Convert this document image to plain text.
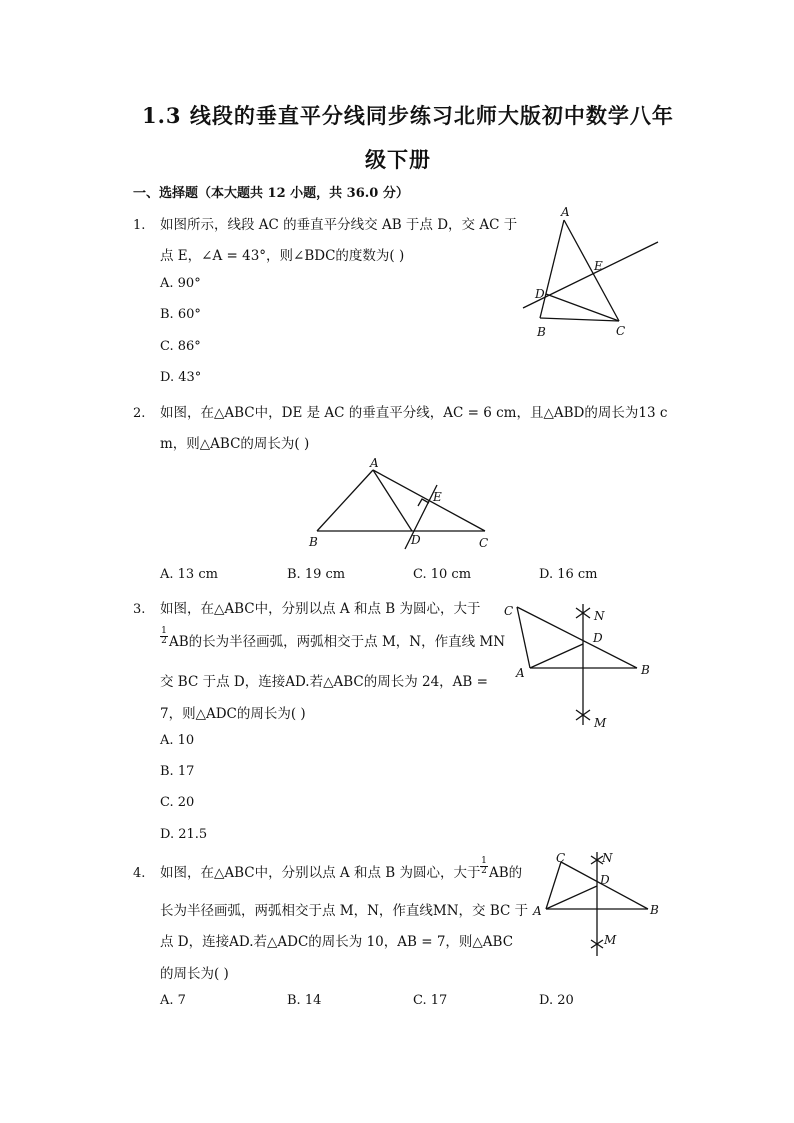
1.3 线段的垂直平分线同步练习北师大版初中数学八年
级下册
一、选择题（本大题共 12 小题，共 36.0 分）
1. 如图所示，线段 AC 的垂直平分线交 AB 于点 D，交 AC 于
点 E，∠A = 43°，则∠BDC的度数为( )
A. 90°
B. 60°
C. 86°
D. 43°
A
B	C
D
E
2. 如图，在△ABC中，DE 是 AC 的垂直平分线，AC = 6 cm，且△ABD的周长为13 c
m，则△ABC的周长为( )
A
B	C
D
E
A. 13 cm	B. 19 cm	C. 10 cm	D. 16 cm
3. 如图，在△ABC中，分别以点 A 和点 B 为圆心，大于
$\frac{1}{2}$ AB的长为半径画弧，两弧相交于点 M，N，作直线 MN
交 BC 于点 D，连接AD.若△ABC的周长为 24，AB =
7，则△ADC的周长为( )
A. 10
B. 17
C. 20
D. 21.5
C
A	B
D
N
M
4. 如图，在△ABC中，分别以点 A 和点 B 为圆心，大于 $\frac{1}{2}$ AB的
长为半径画弧，两弧相交于点 M，N，作直线MN，交 BC 于
点 D，连接AD.若△ADC的周长为 10，AB = 7，则△ABC
的周长为( )
C
A	B
D
N
M
A. 7	B. 14	C. 17	D. 20
